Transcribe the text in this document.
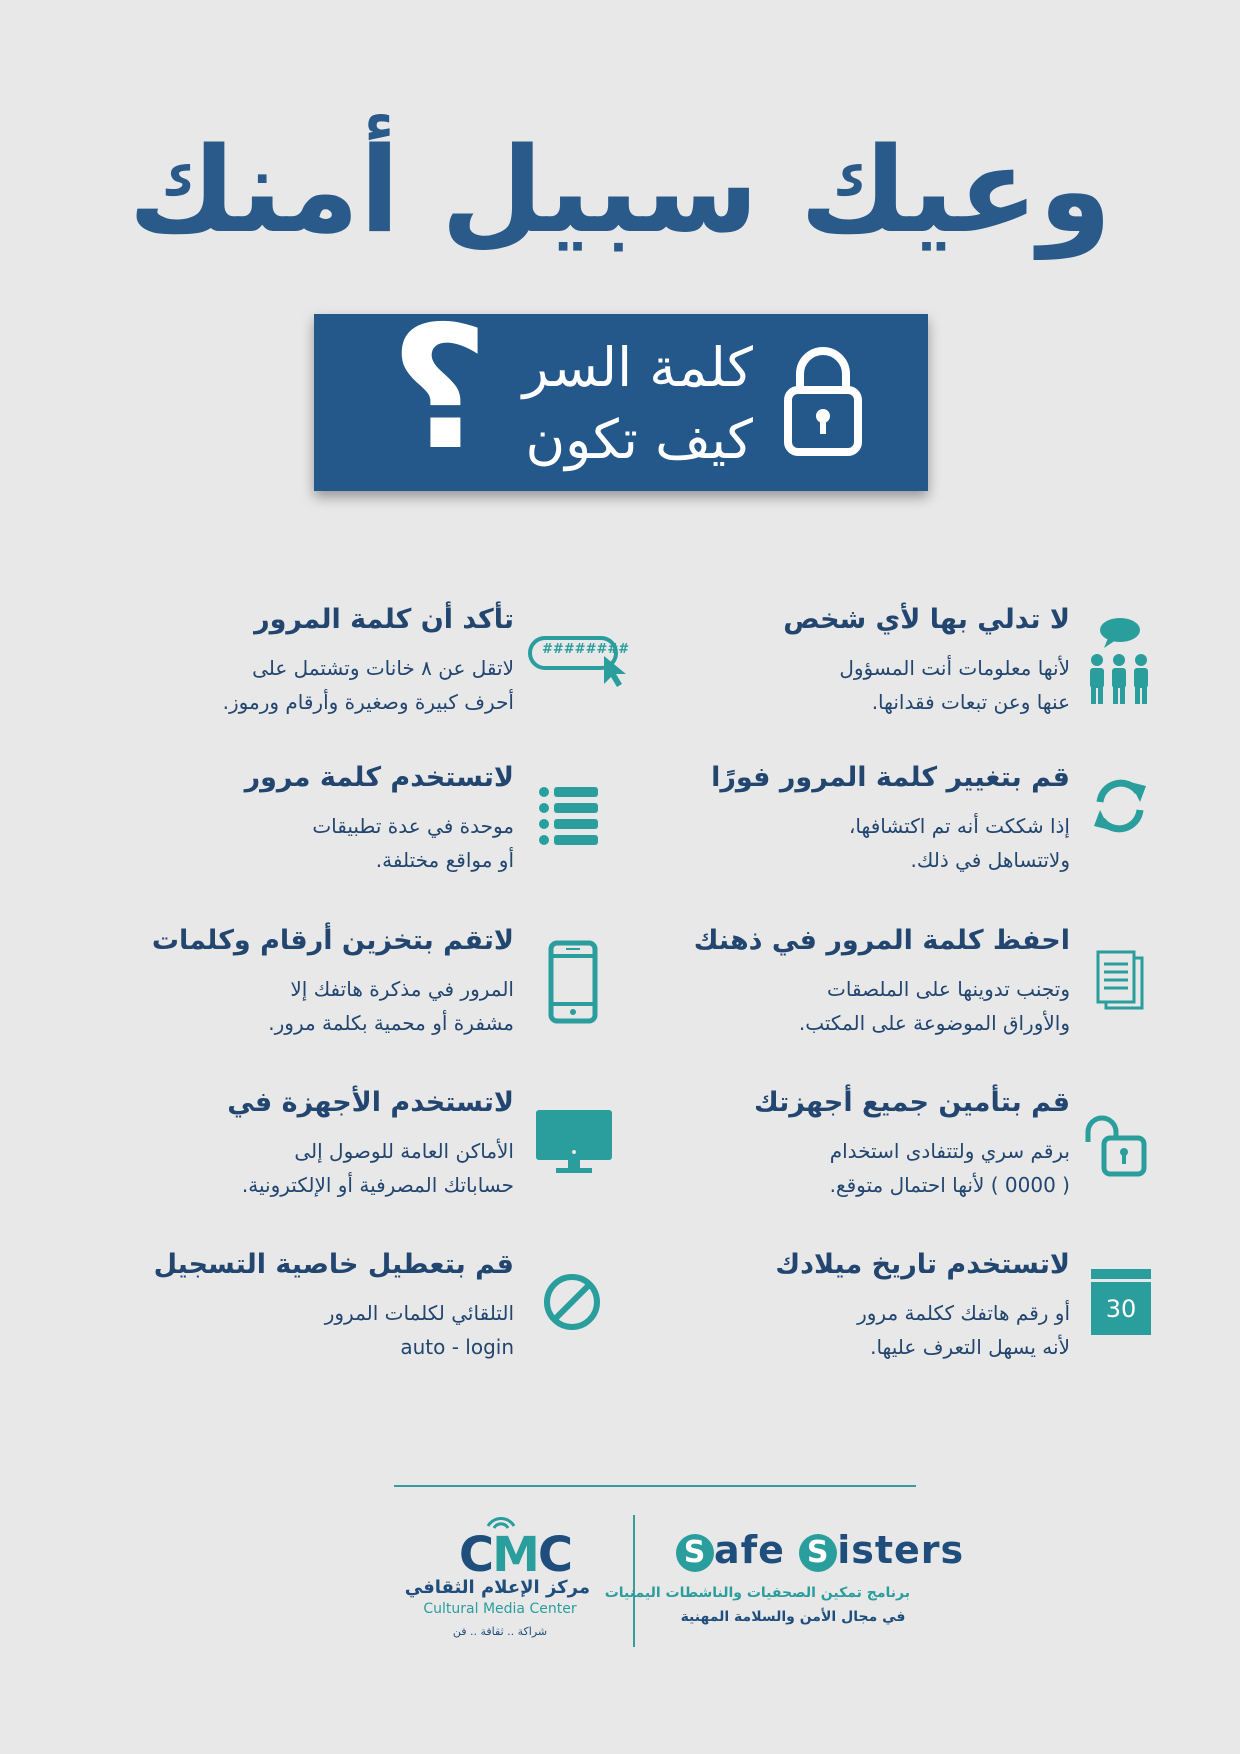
وعيك سبيل أمنك
؟ كلمة السر
كيف تكون
لا تدلي بها لأي شخص

لأنها معلومات أنت المسؤول
عنها وعن تبعات فقدانها.

تأكد أن كلمة المرور

لاتقل عن ٨ خانات وتشتمل على
أحرف كبيرة وصغيرة وأرقام ورموز.

########
قم بتغيير كلمة المرور فورًا

إذا شككت أنه تم اكتشافها،
ولاتتساهل في ذلك.

لاتستخدم كلمة مرور

موحدة في عدة تطبيقات
أو مواقع مختلفة.

احفظ كلمة المرور في ذهنك

وتجنب تدوينها على الملصقات
والأوراق الموضوعة على المكتب.

لاتقم بتخزين أرقام وكلمات

المرور في مذكرة هاتفك إلا
مشفرة أو محمية بكلمة مرور.

قم بتأمين جميع أجهزتك

برقم سري ولتتفادى استخدام
( 0000 ) لأنها احتمال متوقع.

لاتستخدم الأجهزة في

الأماكن العامة للوصول إلى
حساباتك المصرفية أو الإلكترونية.

لاتستخدم تاريخ ميلادك

أو رقم هاتفك ككلمة مرور
لأنه يسهل التعرف عليها.

30
قم بتعطيل خاصية التسجيل

التلقائي لكلمات المرور
auto - login

S afe S isters
برنامج تمكين الصحفيات والناشطات اليمنيات
في مجال الأمن والسلامة المهنية
CMC
مركز الإعلام الثقافي
Cultural Media Center
شراكة .. ثقافة .. فن
